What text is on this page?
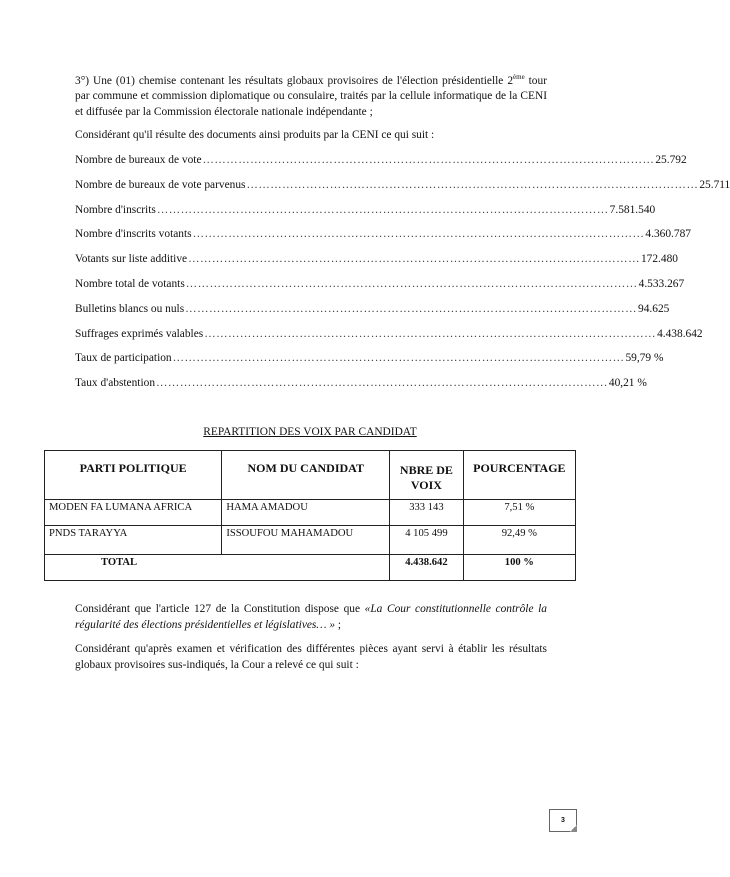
3°) Une (01) chemise contenant les résultats globaux provisoires de l'élection présidentielle 2ème tour par commune et commission diplomatique ou consulaire, traités par la cellule informatique de la CENI et diffusée par la Commission électorale nationale indépendante ;

Considérant qu'il résulte des documents ainsi produits par la CENI ce qui suit :

Nombre de bureaux de vote …………………………………………………………………………………………………… 25.792
Nombre de bureaux de vote parvenus …………………………………………………………………………………………………… 25.711
Nombre d'inscrits …………………………………………………………………………………………………… 7.581.540
Nombre d'inscrits votants …………………………………………………………………………………………………… 4.360.787
Votants sur liste additive …………………………………………………………………………………………………… 172.480
Nombre total de votants …………………………………………………………………………………………………… 4.533.267
Bulletins blancs ou nuls …………………………………………………………………………………………………… 94.625
Suffrages exprimés valables …………………………………………………………………………………………………… 4.438.642
Taux de participation …………………………………………………………………………………………………… 59,79 %
Taux d'abstention …………………………………………………………………………………………………… 40,21 %
REPARTITION DES VOIX PAR CANDIDAT
PARTI POLITIQUE	NOM DU CANDIDAT	NBRE DE VOIX	POURCENTAGE
MODEN FA LUMANA AFRICA	HAMA AMADOU	333 143	7,51 %
PNDS TARAYYA	ISSOUFOU MAHAMADOU	4 105 499	92,49 %
TOTAL		4.438.642	100 %

Considérant que l'article 127 de la Constitution dispose que «La Cour constitutionnelle contrôle la régularité des élections présidentielles et législatives… » ;

Considérant qu'après examen et vérification des différentes pièces ayant servi à établir les résultats globaux provisoires sus-indiqués, la Cour a relevé ce qui suit :

3
